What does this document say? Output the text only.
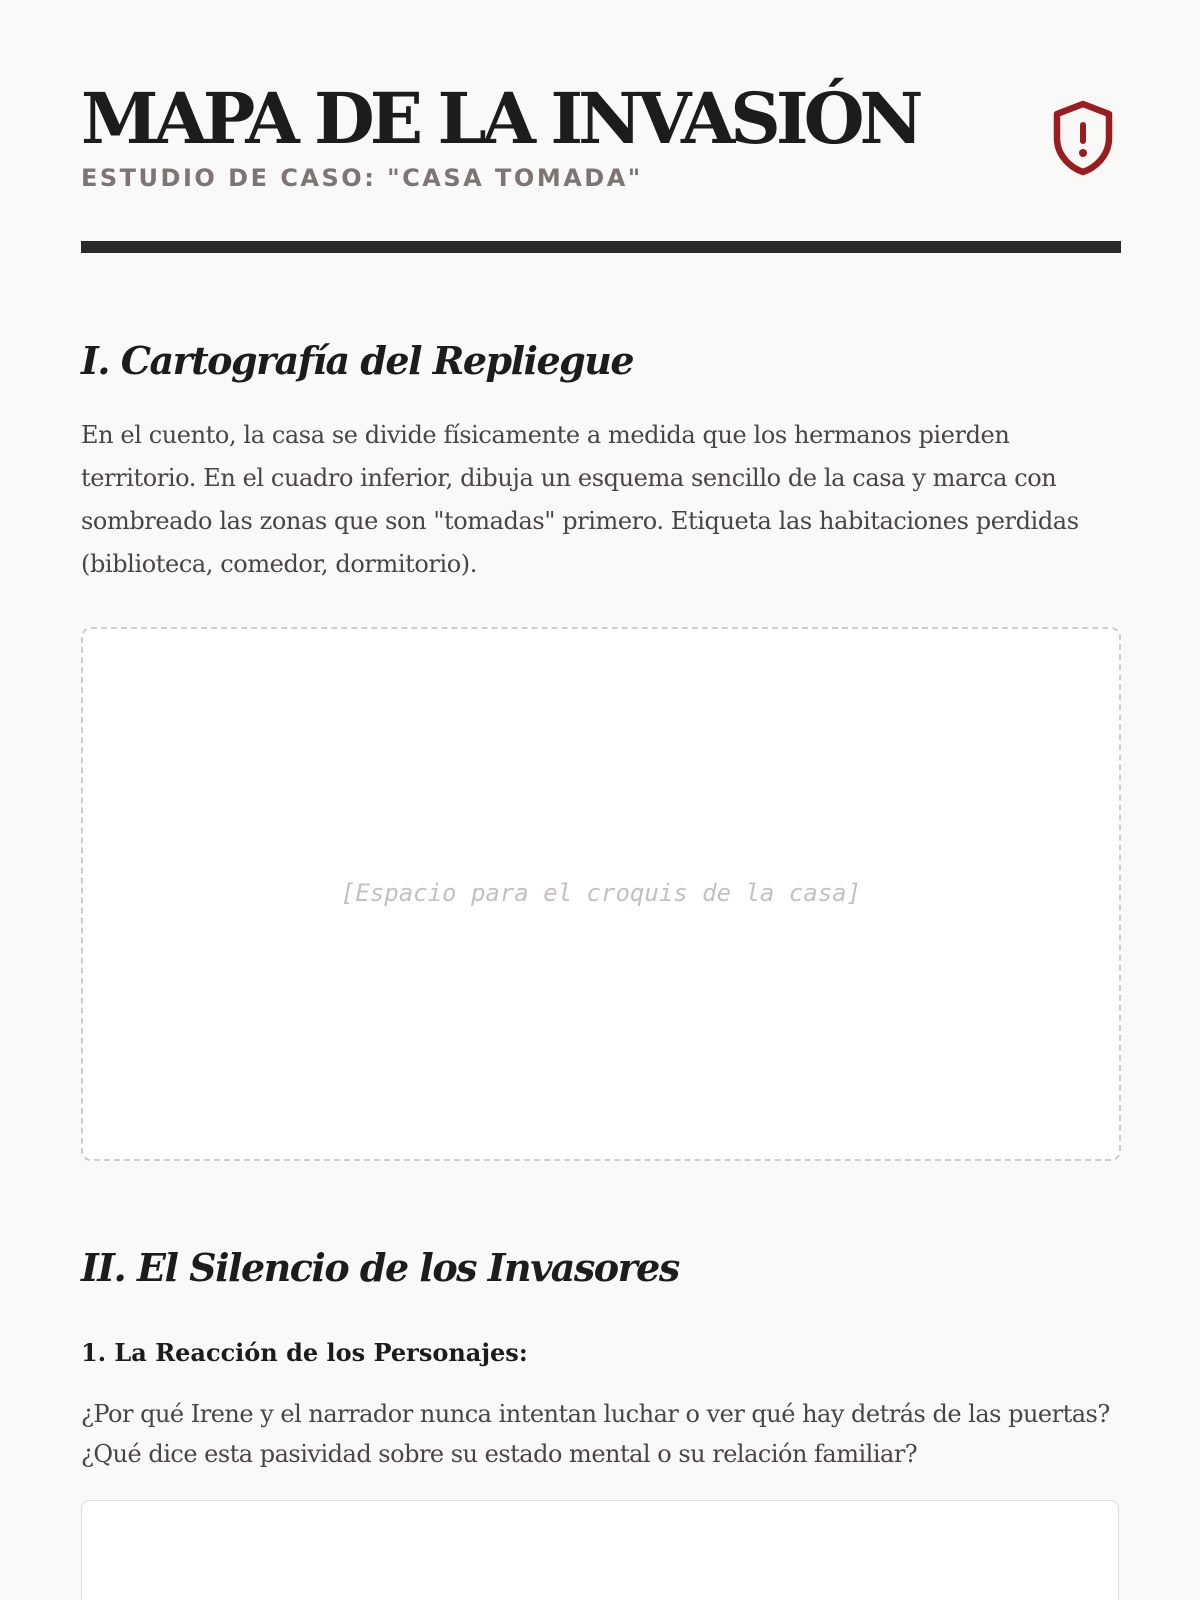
MAPA DE LA INVASIÓN
ESTUDIO DE CASO: "CASA TOMADA"
I. Cartografía del Repliegue

En el cuento, la casa se divide físicamente a medida que los hermanos pierden territorio. En el cuadro inferior, dibuja un esquema sencillo de la casa y marca con sombreado las zonas que son "tomadas" primero. Etiqueta las habitaciones perdidas (biblioteca, comedor, dormitorio).

[Espacio para el croquis de la casa]
II. El Silencio de los Invasores
1. La Reacción de los Personajes:

¿Por qué Irene y el narrador nunca intentan luchar o ver qué hay detrás de las puertas? ¿Qué dice esta pasividad sobre su estado mental o su relación familiar?
